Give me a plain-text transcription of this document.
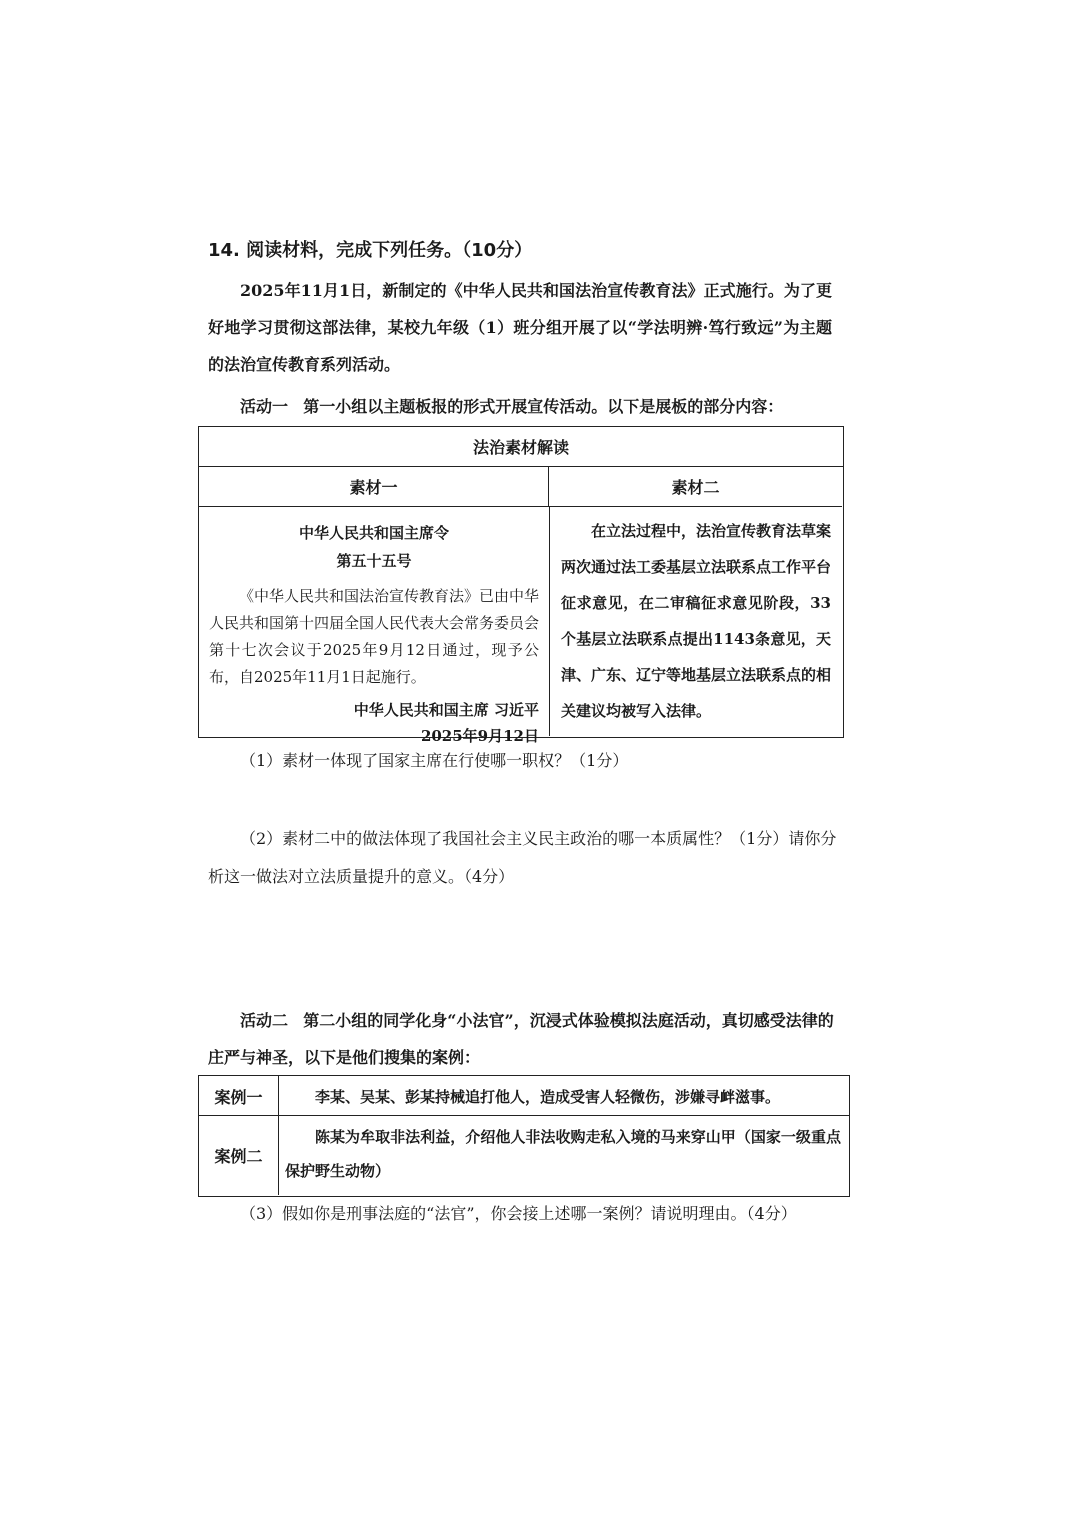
14. 阅读材料，完成下列任务。（10分）
2025年11月1日，新制定的《中华人民共和国法治宣传教育法》正式施行。为了更好地学习贯彻这部法律，某校九年级（1）班分组开展了以“学法明辨·笃行致远”为主题的法治宣传教育系列活动。
活动一 第一小组以主题板报的形式开展宣传活动。以下是展板的部分内容：
法治素材解读
素材一	素材二
中华人民共和国主席令
第五十五号
《中华人民共和国法治宣传教育法》已由中华人民共和国第十四届全国人民代表大会常务委员会第十七次会议于2025年9月12日通过，现予公布，自2025年11月1日起施行。
中华人民共和国主席 习近平
2025年9月12日
在立法过程中，法治宣传教育法草案两次通过法工委基层立法联系点工作平台征求意见，在二审稿征求意见阶段，33个基层立法联系点提出1143条意见，天津、广东、辽宁等地基层立法联系点的相关建议均被写入法律。
（1）素材一体现了国家主席在行使哪一职权？（1分）
（2）素材二中的做法体现了我国社会主义民主政治的哪一本质属性？（1分）请你分
析这一做法对立法质量提升的意义。（4分）
活动二 第二小组的同学化身“小法官”，沉浸式体验模拟法庭活动，真切感受法律的
庄严与神圣，以下是他们搜集的案例：
案例一	李某、吴某、彭某持械追打他人，造成受害人轻微伤，涉嫌寻衅滋事。
案例二
陈某为牟取非法利益，介绍他人非法收购走私入境的马来穿山甲（国家一级重点保护野生动物）
（3）假如你是刑事法庭的“法官”，你会接上述哪一案例？请说明理由。（4分）
